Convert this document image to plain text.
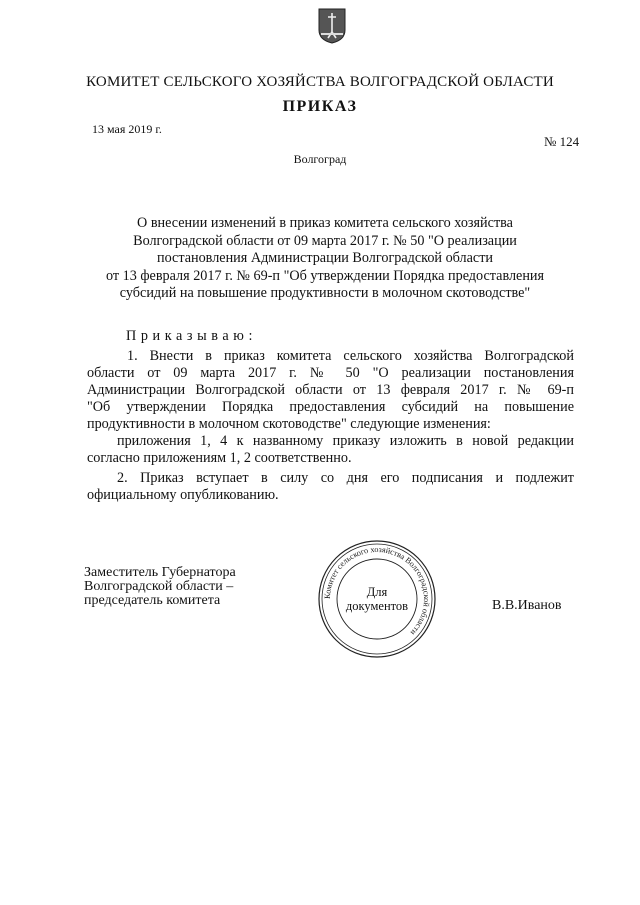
КОМИТЕТ СЕЛЬСКОГО ХОЗЯЙСТВА ВОЛГОГРАДСКОЙ ОБЛАСТИ
ПРИКАЗ
13 мая 2019 г.
№ 124
Волгоград
О внесении изменений в приказ комитета сельского хозяйства
Волгоградской области от 09 марта 2017 г. № 50 "О реализации
постановления Администрации Волгоградской области
от 13 февраля 2017 г. № 69-п "Об утверждении Порядка предоставления
субсидий на повышение продуктивности в молочном скотоводстве"
Приказываю:
1. Внести в приказ комитета сельского хозяйства Волгоградской
области от 09 марта 2017 г. № 50 "О реализации постановления
Администрации Волгоградской области от 13 февраля 2017 г. № 69-п
"Об утверждении Порядка предоставления субсидий на повышение
продуктивности в молочном скотоводстве" следующие изменения:
приложения 1, 4 к названному приказу изложить в новой редакции
согласно приложениям 1, 2 соответственно.
2. Приказ вступает в силу со дня его подписания и подлежит
официальному опубликованию.
Заместитель Губернатора
Волгоградской области –
председатель комитета	Комитет сельского хозяйства Волгоградской области
Для
документов	В.В.Иванов
